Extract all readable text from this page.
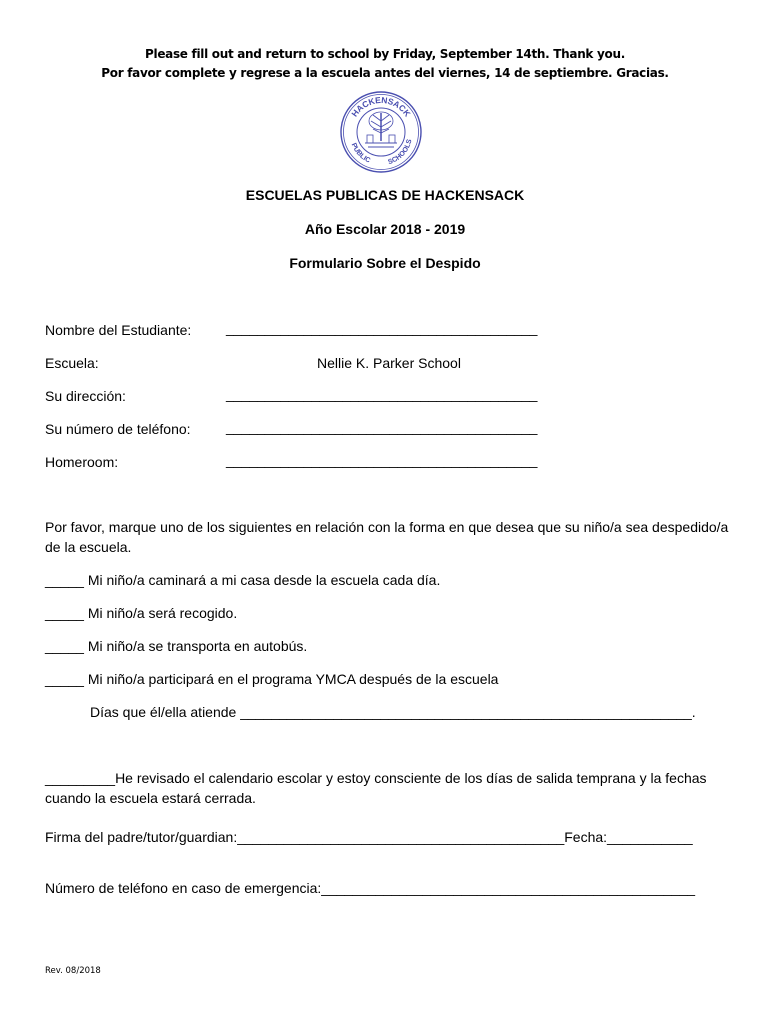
Please fill out and return to school by Friday, September 14th. Thank you.
Por favor complete y regrese a la escuela antes del viernes, 14 de septiembre. Gracias.
HACKENSACK
PUBLIC SCHOOLS
ESCUELAS PUBLICAS DE HACKENSACK
Año Escolar 2018 - 2019
Formulario Sobre el Despido
Nombre del Estudiante: ________________________________________
Escuela:	Nellie K. Parker School
Su dirección:	________________________________________
Su número de teléfono:	________________________________________
Homeroom:	________________________________________
Por favor, marque uno de los siguientes en relación con la forma en que desea que su niño/a sea despedido/a de la escuela.
_____ Mi niño/a caminará a mi casa desde la escuela cada día.
_____ Mi niño/a será recogido.
_____ Mi niño/a se transporta en autobús.
_____ Mi niño/a participará en el programa YMCA después de la escuela
Días que él/ella atiende __________________________________________________________.
_________He revisado el calendario escolar y estoy consciente de los días de salida temprana y la fechas cuando la escuela estará cerrada.
Firma del padre/tutor/guardian:__________________________________________Fecha:___________
Número de teléfono en caso de emergencia:________________________________________________
Rev. 08/2018
